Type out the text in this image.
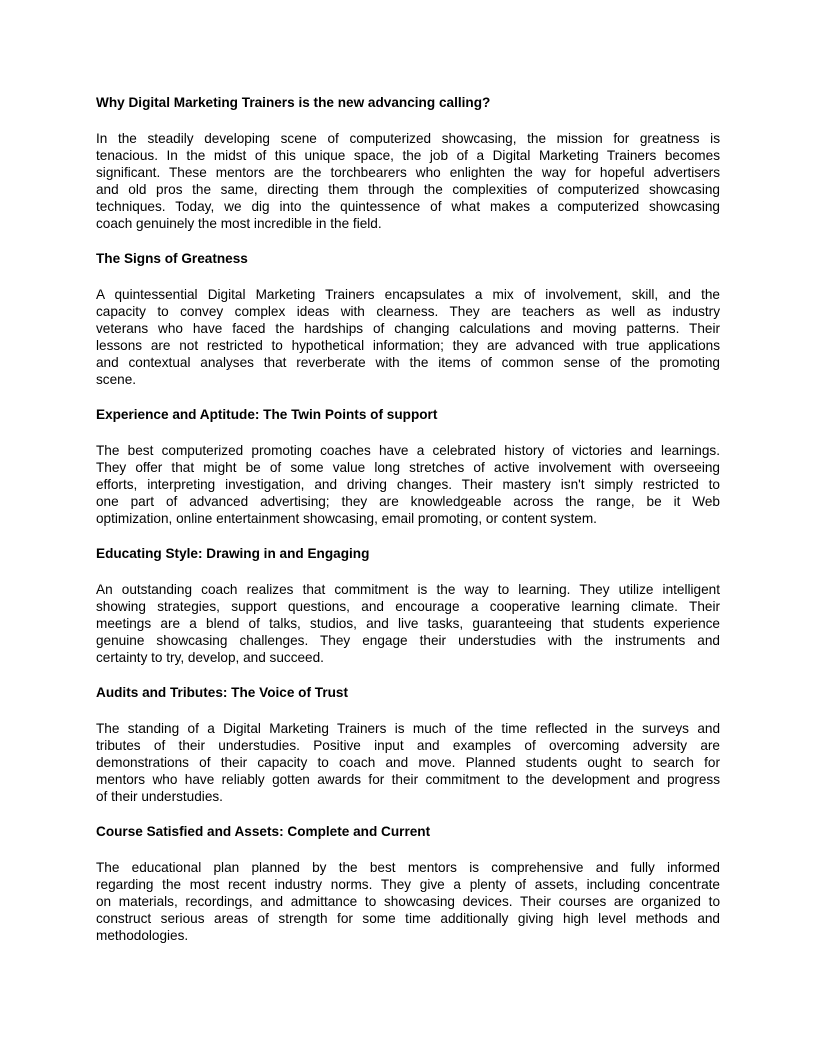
Why Digital Marketing Trainers is the new advancing calling?
In the steadily developing scene of computerized showcasing, the mission for greatness is
tenacious. In the midst of this unique space, the job of a Digital Marketing Trainers becomes
significant. These mentors are the torchbearers who enlighten the way for hopeful advertisers
and old pros the same, directing them through the complexities of computerized showcasing
techniques. Today, we dig into the quintessence of what makes a computerized showcasing
coach genuinely the most incredible in the field.
The Signs of Greatness
A quintessential Digital Marketing Trainers encapsulates a mix of involvement, skill, and the
capacity to convey complex ideas with clearness. They are teachers as well as industry
veterans who have faced the hardships of changing calculations and moving patterns. Their
lessons are not restricted to hypothetical information; they are advanced with true applications
and contextual analyses that reverberate with the items of common sense of the promoting
scene.
Experience and Aptitude: The Twin Points of support
The best computerized promoting coaches have a celebrated history of victories and learnings.
They offer that might be of some value long stretches of active involvement with overseeing
efforts, interpreting investigation, and driving changes. Their mastery isn't simply restricted to
one part of advanced advertising; they are knowledgeable across the range, be it Web
optimization, online entertainment showcasing, email promoting, or content system.
Educating Style: Drawing in and Engaging
An outstanding coach realizes that commitment is the way to learning. They utilize intelligent
showing strategies, support questions, and encourage a cooperative learning climate. Their
meetings are a blend of talks, studios, and live tasks, guaranteeing that students experience
genuine showcasing challenges. They engage their understudies with the instruments and
certainty to try, develop, and succeed.
Audits and Tributes: The Voice of Trust
The standing of a Digital Marketing Trainers is much of the time reflected in the surveys and
tributes of their understudies. Positive input and examples of overcoming adversity are
demonstrations of their capacity to coach and move. Planned students ought to search for
mentors who have reliably gotten awards for their commitment to the development and progress
of their understudies.
Course Satisfied and Assets: Complete and Current
The educational plan planned by the best mentors is comprehensive and fully informed
regarding the most recent industry norms. They give a plenty of assets, including concentrate
on materials, recordings, and admittance to showcasing devices. Their courses are organized to
construct serious areas of strength for some time additionally giving high level methods and
methodologies.
